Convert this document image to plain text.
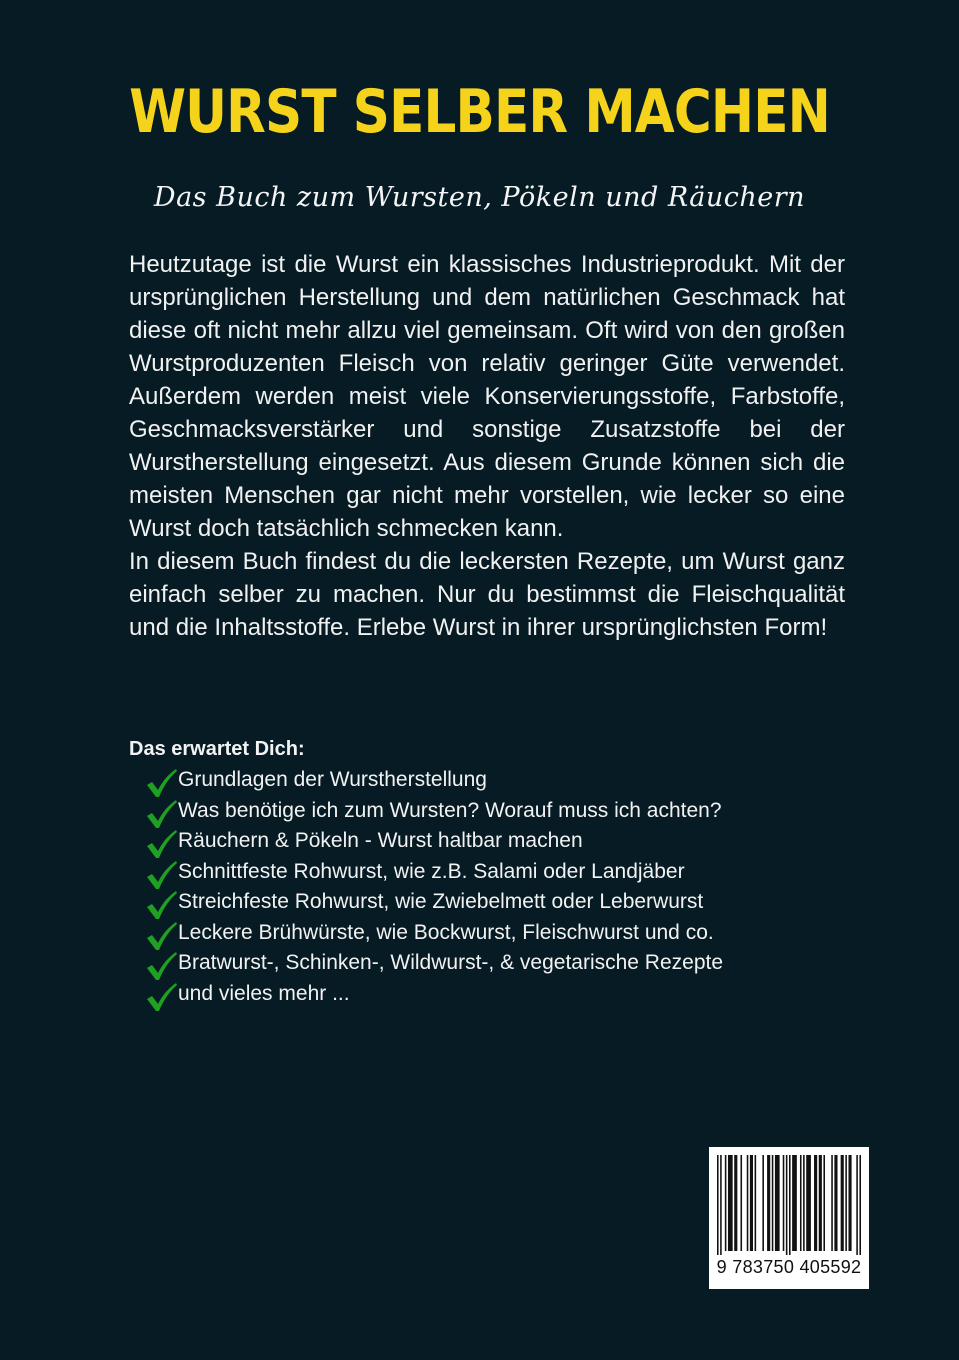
WURST SELBER MACHEN
Das Buch zum Wursten, Pökeln und Räuchern

Heutzutage ist die Wurst ein klassisches Industrieprodukt. Mit der ursprünglichen Herstellung und dem natürlichen Geschmack hat diese oft nicht mehr allzu viel gemeinsam. Oft wird von den großen Wurstproduzenten Fleisch von relativ geringer Güte verwendet. Außerdem werden meist viele Konservierungsstoffe, Farbstoffe, Geschmacksverstärker und sonstige Zusatzstoffe bei der Wurstherstellung eingesetzt. Aus diesem Grunde können sich die meisten Menschen gar nicht mehr vorstellen, wie lecker so eine Wurst doch tatsächlich schmecken kann.

In diesem Buch findest du die leckersten Rezepte, um Wurst ganz einfach selber zu machen. Nur du bestimmst die Fleischqualität und die Inhaltsstoffe. Erlebe Wurst in ihrer ursprünglichsten Form!

Das erwartet Dich:
Grundlagen der Wurstherstellung
Was benötige ich zum Wursten? Worauf muss ich achten?
Räuchern & Pökeln - Wurst haltbar machen
Schnittfeste Rohwurst, wie z.B. Salami oder Landjäber
Streichfeste Rohwurst, wie Zwiebelmett oder Leberwurst
Leckere Brühwürste, wie Bockwurst, Fleischwurst und co.
Bratwurst-, Schinken-, Wildwurst-, & vegetarische Rezepte
und vieles mehr ...
9 783750 405592
